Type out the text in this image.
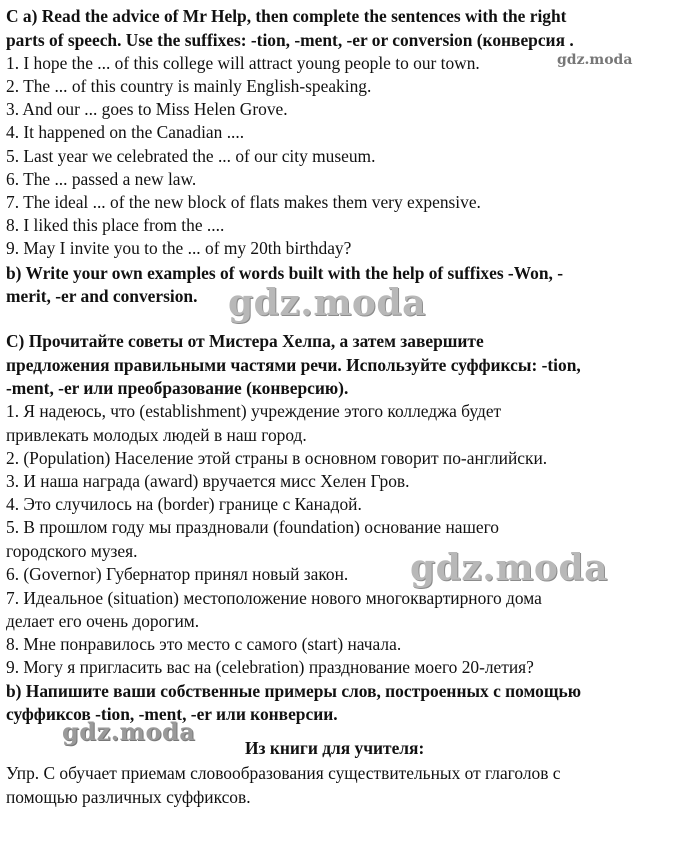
C a) Read the advice of Mr Help, then complete the sentences with the right
parts of speech. Use the suffixes: -tion, -ment, -er or conversion (конверсия .
1. I hope the ... of this college will attract young people to our town.
2. The ... of this country is mainly English-speaking.
3. And our ... goes to Miss Helen Grove.
4. It happened on the Canadian ....
5. Last year we celebrated the ... of our city museum.
6. The ... passed a new law.
7. The ideal ... of the new block of flats makes them very expensive.
8. I liked this place from the ....
9. May I invite you to the ... of my 20th birthday?
b) Write your own examples of words built with the help of suffixes -Won, -
merit, -er and conversion.
C) Прочитайте советы от Мистера Хелпа, а затем завершите
предложения правильными частями речи. Используйте суффиксы: -tion,
-ment, -er или преобразование (конверсию).
1. Я надеюсь, что (establishment) учреждение этого колледжа будет
привлекать молодых людей в наш город.
2. (Population) Население этой страны в основном говорит по-английски.
3. И наша награда (award) вручается мисс Хелен Гров.
4. Это случилось на (border) границе с Канадой.
5. В прошлом году мы праздновали (foundation) основание нашего
городского музея.
6. (Governor) Губернатор принял новый закон.
7. Идеальное (situation) местоположение нового многоквартирного дома
делает его очень дорогим.
8. Мне понравилось это место с самого (start) начала.
9. Могу я пригласить вас на (celebration) празднование моего 20-летия?
b) Напишите ваши собственные примеры слов, построенных с помощью
суффиксов -tion, -ment, -er или конверсии.
Из книги для учителя:
Упр. С обучает приемам словообразования существительных от глаголов с
помощью различных суффиксов.
gdz.moda
gdz.moda
gdz.moda
gdz.moda
